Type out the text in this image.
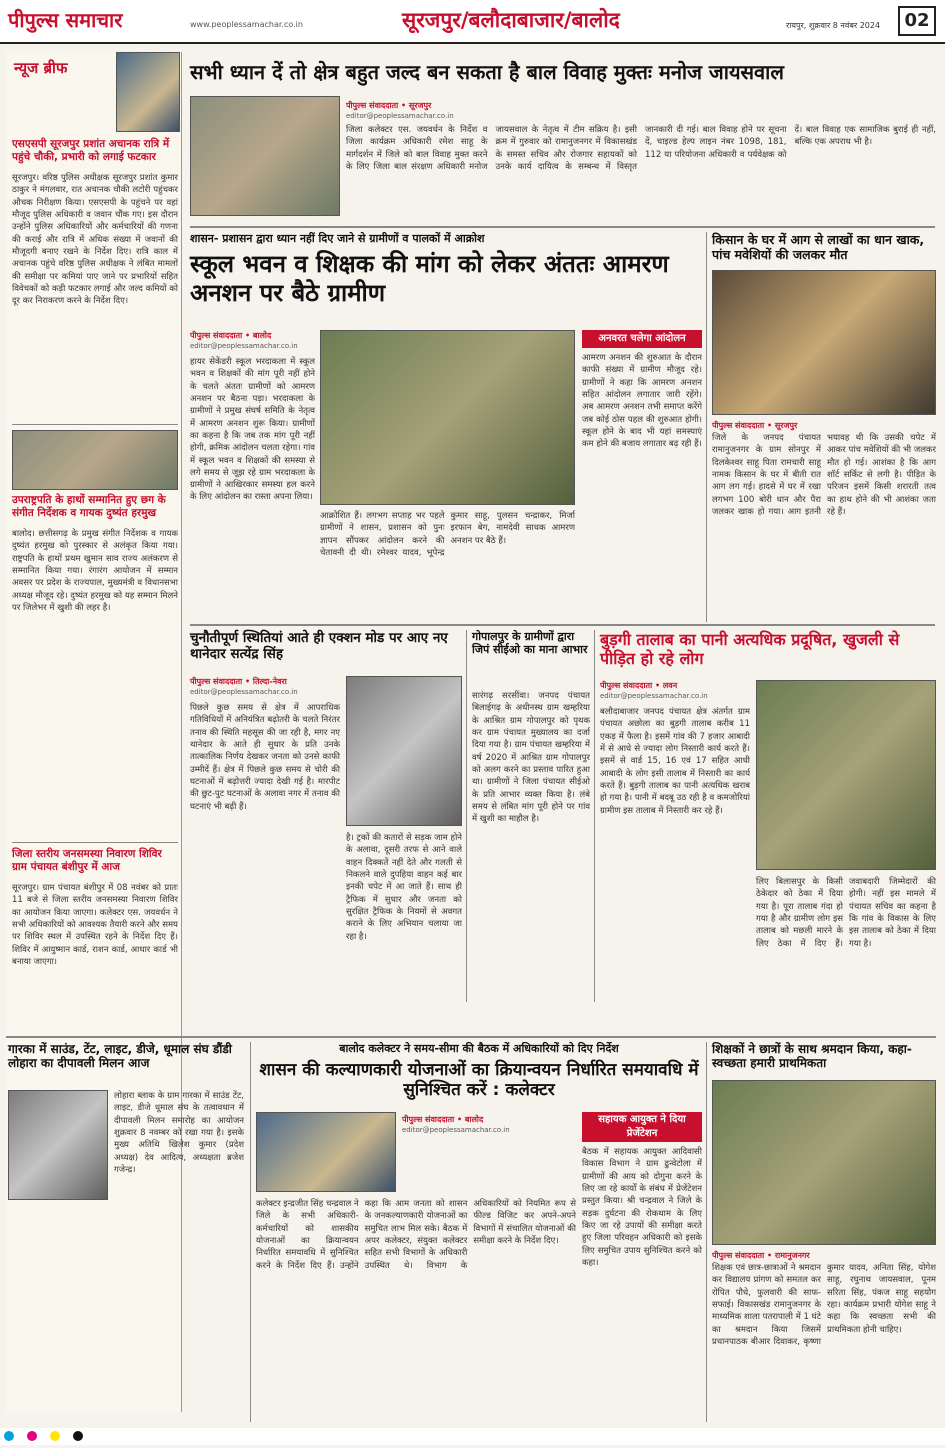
पीपुल्स समाचार	www.peoplessamachar.co.in	सूरजपुर/बलौदाबाजार/बालोद	रायपुर, शुक्रवार 8 नवंबर 2024	02
न्यूज ब्रीफ
एसएसपी सूरजपुर प्रशांत अचानक रात्रि में पहुंचे चौकी, प्रभारी को लगाई फटकार
सूरजपुर। वरिष्ठ पुलिस अधीक्षक सूरजपुर प्रशांत कुमार ठाकुर ने मंगलवार, रात अचानक चौकी लटोरी पहुंचकर औचक निरीक्षण किया। एसएसपी के पहुंचने पर वहां मौजूद पुलिस अधिकारी व जवान चौंक गए। इस दौरान उन्होंने पुलिस अधिकारियों और कर्मचारियों की गणना की कराई और रात्रि में अधिक संख्या में जवानों की मौजूदगी बनाए रखने के निर्देश दिए। रात्रि काल में अचानक पहुंचे वरिष्ठ पुलिस अधीक्षक ने लंबित मामलों की समीक्षा पर कमियां पाए जाने पर प्रभारियों सहित विवेचकों को कड़ी फटकार लगाई और जल्द कमियों को दूर कर निराकरण करने के निर्देश दिए।
उपराष्ट्रपति के हाथों सम्मानित हुए छग के संगीत निर्देशक व गायक दुष्यंत हरमुख
बालोद। छत्तीसगढ़ के प्रमुख संगीत निर्देशक व गायक दुष्यंत हरमुख को पुरस्कार से अलंकृत किया गया। राष्ट्रपति के हाथों प्रथम खुमान साव राज्य अलंकरण से सम्मानित किया गया। रंगारंग आयोजन में सम्मान अवसर पर प्रदेश के राज्यपाल, मुख्यमंत्री व विधानसभा अध्यक्ष मौजूद रहे। दुष्यंत हरमुख को यह सम्मान मिलने पर जिलेभर में खुशी की लहर है।
जिला स्तरीय जनसमस्या निवारण शिविर ग्राम पंचायत बंशीपुर में आज
सूरजपुर। ग्राम पंचायत बंशीपुर में 08 नवंबर को प्रातः 11 बजे से जिला स्तरीय जनसमस्या निवारण शिविर का आयोजन किया जाएगा। कलेक्टर एस. जयवर्धन ने सभी अधिकारियों को आवश्यक तैयारी करने और समय पर शिविर स्थल में उपस्थित रहने के निर्देश दिए हैं। शिविर में आयुष्मान कार्ड, राशन कार्ड, आधार कार्ड भी बनाया जाएगा।
सभी ध्यान दें तो क्षेत्र बहुत जल्द बन सकता है बाल विवाह मुक्तः मनोज जायसवाल
पीपुल्स संवाददाता • सूरजपुर
editor@peoplessamachar.co.in
जिला कलेक्टर एस. जयवर्धन के निर्देश व जिला कार्यक्रम अधिकारी रमेश साहू के मार्गदर्शन में जिले को बाल विवाह मुक्त करने के लिए जिला बाल संरक्षण अधिकारी मनोज जायसवाल के नेतृत्व में टीम सक्रिय है। इसी क्रम में गुरुवार को रामानुजनगर में विकासखंड के समस्त सचिव और रोजगार सहायकों को उनके कार्य दायित्व के सम्बन्ध में विस्तृत जानकारी दी गई। बाल विवाह होने पर सूचना दें, चाइल्ड हेल्प लाइन नंबर 1098, 181, 112 या परियोजना अधिकारी व पर्यवेक्षक को दें। बाल विवाह एक सामाजिक बुराई ही नहीं, बल्कि एक अपराध भी है।
शासन- प्रशासन द्वारा ध्यान नहीं दिए जाने से ग्रामीणों व पालकों में आक्रोश
स्कूल भवन व शिक्षक की मांग को लेकर अंततः आमरण अनशन पर बैठे ग्रामीण
पीपुल्स संवाददाता • बालोद
editor@peoplessamachar.co.in
हायर सेकेंडरी स्कूल भरदाकला में स्कूल भवन व शिक्षकों की मांग पूरी नहीं होने के चलते अंततः ग्रामीणों को आमरण अनशन पर बैठना पड़ा। भरदाकला के ग्रामीणों ने प्रमुख संघर्ष समिति के नेतृत्व में आमरण अनशन शुरू किया। ग्रामीणों का कहना है कि जब तक मांग पूरी नहीं होगी, क्रमिक आंदोलन चलता रहेगा। गांव में स्कूल भवन व शिक्षकों की समस्या से लगे समय से जूझ रहे ग्राम भरदाकला के ग्रामीणों ने आखिरकार समस्या हल करने के लिए आंदोलन का रास्ता अपना लिया।
आक्रोशित हैं। लगभग सप्ताह भर पहले ग्रामीणों ने शासन, प्रशासन को पुनः ज्ञापन सौंपकर आंदोलन करने की चेतावनी दी थी। रमेश्वर यादव, भूपेन्द्र कुमार साहू, पुलसन चन्द्राकर, मिर्जा इरफान बेग, नामदेवी साधक आमरण अनशन पर बैठे हैं।
अनवरत चलेगा आंदोलन
आमरण अनशन की शुरुआत के दौरान काफी संख्या में ग्रामीण मौजूद रहे। ग्रामीणों ने कहा कि आमरण अनशन सहित आंदोलन लगातार जारी रहेंगे। अब आमरण अनशन तभी समाप्त करेंगे जब कोई ठोस पहल की शुरुआत होगी। स्कूल होने के बाद भी यहां समस्याएं कम होने की बजाय लगातार बढ़ रही हैं।
किसान के घर में आग से लाखों का धान खाक, पांच मवेशियों की जलकर मौत
पीपुल्स संवाददाता • सूरजपुर
जिले के जनपद पंचायत रामानुजनगर के ग्राम सोनपुर में दिलकेश्वर साहू पिता रामचारी साहू नामक किसान के घर में बीती रात आग लग गई। हादसे में घर में रखा लगभग 100 बोरी धान और पैरा जलकर खाक हो गया। आग इतनी भयावह थी कि उसकी चपेट में आकर पांच मवेशियों की भी जलकर मौत हो गई। आशंका है कि आग शॉर्ट सर्किट से लगी है। पीड़ित के परिजन इसमें किसी शरारती तत्व का हाथ होने की भी आशंका जता रहे हैं।
चुनौतीपूर्ण स्थितियां आते ही एक्शन मोड पर आए नए थानेदार सत्येंद्र सिंह
पीपुल्स संवाददाता • तिल्दा-नेवरा
editor@peoplessamachar.co.in
पिछले कुछ समय से क्षेत्र में आपराधिक गतिविधियों में अनियंत्रित बढ़ोतरी के चलते निरंतर तनाव की स्थिति महसूस की जा रही है, मगर नए थानेदार के आते ही सुधार के प्रति उनके तात्कालिक निर्णय देखकर जनता को उनसे काफी उम्मीदें हैं। क्षेत्र में पिछले कुछ समय से चोरी की घटनाओं में बढ़ोत्तरी ज्यादा देखी गई है। मारपीट की छुट-पुट घटनाओं के अलावा नगर में तनाव की घटनाएं भी बढ़ी हैं।
है। ट्रकों की कतारों से सड़क जाम होने के अलावा, दूसरी तरफ से आने वाले वाहन दिक्कतें नहीं देते और गलती से निकलने वाले दुपहिया वाहन कई बार इनकी चपेट में आ जाते हैं। साथ ही ट्रैफिक में सुधार और जनता को सुरक्षित ट्रैफिक के नियमों से अवगत कराने के लिए अभियान चलाया जा रहा है।
गोपालपुर के ग्रामीणों द्वारा जिपं सीईओ का माना आभार
सारंगढ़ सरसींवा। जनपद पंचायत बिलाईगढ़ के अधीनस्थ ग्राम खम्हरिया के आश्रित ग्राम गोपालपुर को पृथक कर ग्राम पंचायत मुख्यालय का दर्जा दिया गया है। ग्राम पंचायत खम्हरिया में वर्ष 2020 में आश्रित ग्राम गोपालपुर को अलग करने का प्रस्ताव पारित हुआ था। ग्रामीणों ने जिला पंचायत सीईओ के प्रति आभार व्यक्त किया है। लंबे समय से लंबित मांग पूरी होने पर गांव में खुशी का माहौल है।
बुड़गी तालाब का पानी अत्यधिक प्रदूषित, खुजली से पीड़ित हो रहे लोग
पीपुल्स संवाददाता • लवन
editor@peoplessamachar.co.in
बलौदाबाजार जनपद पंचायत क्षेत्र अंतर्गत ग्राम पंचायत अछोला का बुड़गी तालाब करीब 11 एकड़ में फैला है। इसमें गांव की 7 हजार आबादी में से आधे से ज्यादा लोग निस्तारी कार्य करते हैं। इसमें से वार्ड 15, 16 एवं 17 सहित आधी आबादी के लोग इसी तालाब में निस्तारी का कार्य करते हैं। बुड़गी तालाब का पानी अत्यधिक खराब हो गया है। पानी में बदबू उठ रही है व कमजोरियां ग्रामीण इस तालाब में निस्तारी कर रहे हैं।
लिए बिलासपुर के किसी ठेकेदार को ठेका में दिया गया है। पूरा तालाब गंदा हो गया है और ग्रामीण लोग इस तालाब को मछली मारने के लिए ठेका में दिए हैं। जवाबदारी जिम्मेदारों की होगी। नहीं इस मामले में पंचायत सचिव का कहना है कि गांव के विकास के लिए इस तालाब को ठेका में दिया गया है।
गारका में साउंड, टेंट, लाइट, डीजे, धूमाल संघ डौंडी लोहारा का दीपावली मिलन आज
लोहारा ब्लाक के ग्राम गारका में साउंड टेंट, लाइट, डीजे धूमाल संघ के तत्वावधान में दीपावली मिलन समारोह का आयोजन शुक्रवार 8 नवम्बर को रखा गया है। इसके मुख्य अतिथि खिलेश कुमार (प्रदेश अध्यक्ष) देव आदित्य, अध्यक्षता ब्रजेश गजेन्द्र।
बालोद कलेक्टर ने समय-सीमा की बैठक में अधिकारियों को दिए निर्देश
शासन की कल्याणकारी योजनाओं का क्रियान्वयन निर्धारित समयावधि में सुनिश्चित करें : कलेक्टर
पीपुल्स संवाददाता • बालोद
editor@peoplessamachar.co.in
कलेक्टर इन्द्रजीत सिंह चन्द्रवाल ने जिले के सभी अधिकारी-कर्मचारियों को शासकीय योजनाओं का क्रियान्वयन निर्धारित समयावधि में सुनिश्चित करने के निर्देश दिए हैं। उन्होंने कहा कि आम जनता को शासन के जनकल्याणकारी योजनाओं का समुचित लाभ मिल सके। बैठक में अपर कलेक्टर, संयुक्त कलेक्टर सहित सभी विभागों के अधिकारी उपस्थित थे। विभाग के अधिकारियों को नियमित रूप से फील्ड विजिट कर अपने-अपने विभागों में संचालित योजनाओं की समीक्षा करने के निर्देश दिए।
सहायक आयुक्त ने दिया प्रेजेंटेशन
बैठक में सहायक आयुक्त आदिवासी विकास विभाग ने ग्राम ढुन्वेटोला में ग्रामीणों की आय को दोगुना करने के लिए जा रहे कार्यों के संबंध में प्रेजेंटेशन प्रस्तुत किया। श्री चन्द्रवाल ने जिले के सड़क दुर्घटना की रोकथाम के लिए किए जा रहे उपायों की समीक्षा करते हुए जिला परिवहन अधिकारी को इसके लिए समुचित उपाय सुनिश्चित करने को कहा।
शिक्षकों ने छात्रों के साथ श्रमदान किया, कहा-स्वच्छता हमारी प्राथमिकता
पीपुल्स संवाददाता • रामानुजनगर
शिक्षक एवं छात्र-छात्राओं ने श्रमदान कर विद्यालय प्रांगण को समतल कर रोपित पौधे, फुलवारी की साफ-सफाई। विकासखंड रामानुजनगर के माध्यमिक शाला पतरापाली में 1 घंटे का श्रमदान किया जिसमें प्रधानपाठक बीआर दिवाकर, कृष्णा कुमार यादव, अनिता सिंह, योगेश साहू, रघुनाथ जायसवाल, पूनम सरिता सिंह, पंकज साहू सहयोग रहा। कार्यक्रम प्रभारी योगेश साहू ने कहा कि स्वच्छता सभी की प्राथमिकता होनी चाहिए।
